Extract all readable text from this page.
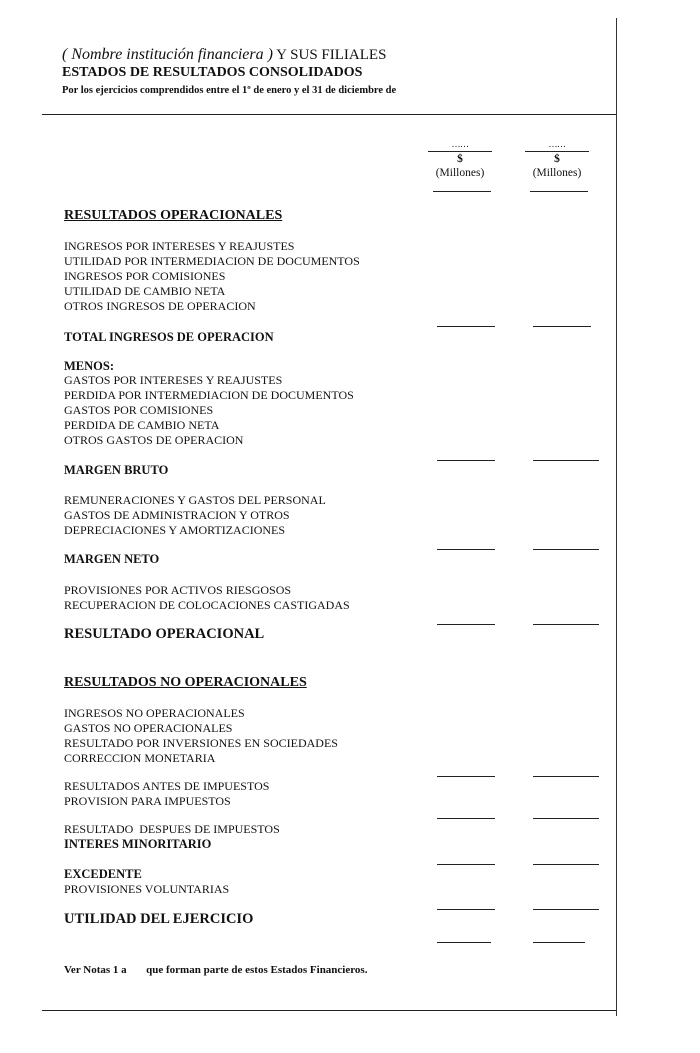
( Nombre institución financiera ) Y SUS FILIALES
ESTADOS DE RESULTADOS CONSOLIDADOS
Por los ejercicios comprendidos entre el 1º de enero y el 31 de diciembre de
……
$
(Millones)
……
$
(Millones)
RESULTADOS OPERACIONALES
INGRESOS POR INTERESES Y REAJUSTES
UTILIDAD POR INTERMEDIACION DE DOCUMENTOS
INGRESOS POR COMISIONES
UTILIDAD DE CAMBIO NETA
OTROS INGRESOS DE OPERACION
TOTAL INGRESOS DE OPERACION
MENOS:
GASTOS POR INTERESES Y REAJUSTES
PERDIDA POR INTERMEDIACION DE DOCUMENTOS
GASTOS POR COMISIONES
PERDIDA DE CAMBIO NETA
OTROS GASTOS DE OPERACION
MARGEN BRUTO
REMUNERACIONES Y GASTOS DEL PERSONAL
GASTOS DE ADMINISTRACION Y OTROS
DEPRECIACIONES Y AMORTIZACIONES
MARGEN NETO
PROVISIONES POR ACTIVOS RIESGOSOS
RECUPERACION DE COLOCACIONES CASTIGADAS
RESULTADO OPERACIONAL
RESULTADOS NO OPERACIONALES
INGRESOS NO OPERACIONALES
GASTOS NO OPERACIONALES
RESULTADO POR INVERSIONES EN SOCIEDADES
CORRECCION MONETARIA
RESULTADOS ANTES DE IMPUESTOS
PROVISION PARA IMPUESTOS
RESULTADO  DESPUES DE IMPUESTOS
INTERES MINORITARIO
EXCEDENTE
PROVISIONES VOLUNTARIAS
UTILIDAD DEL EJERCICIO
Ver Notas 1 a que forman parte de estos Estados Financieros.
